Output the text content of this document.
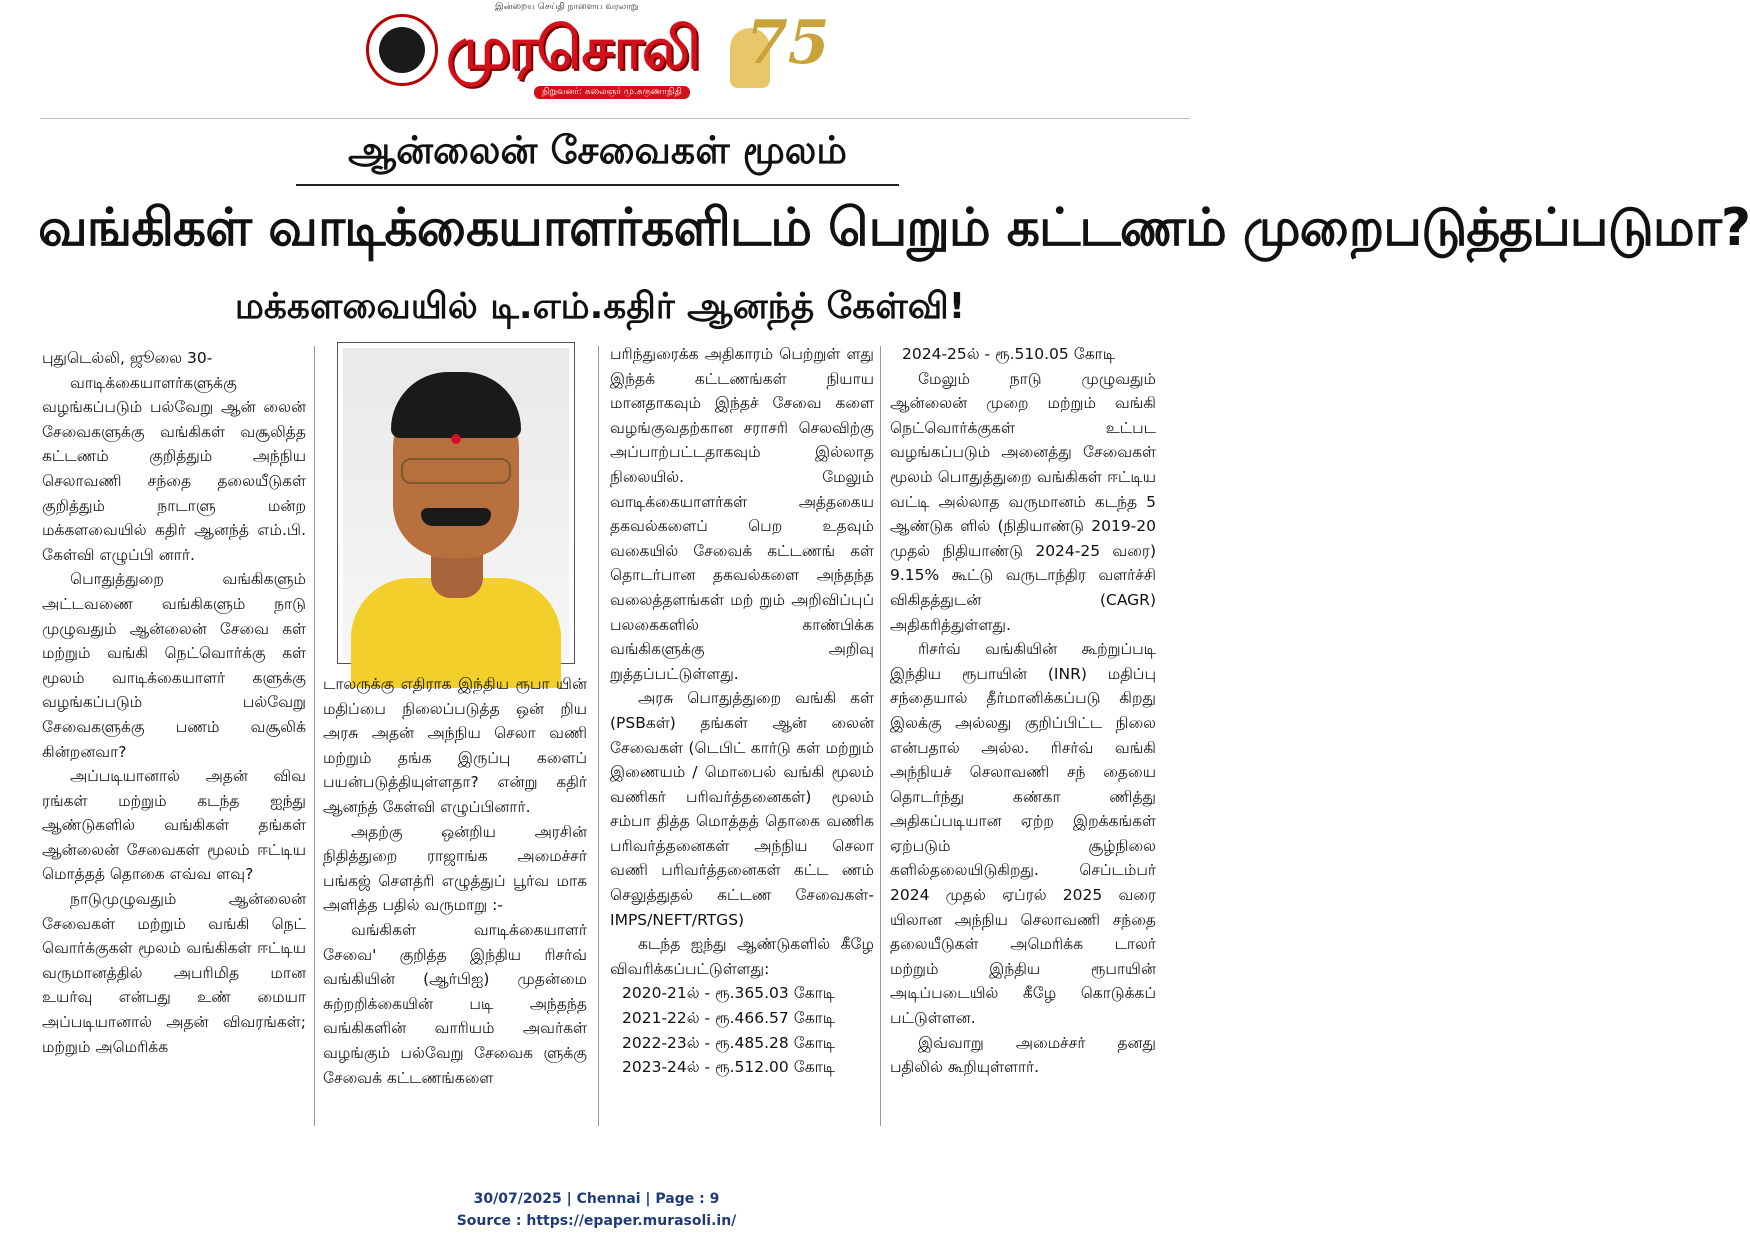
இன்றைய செய்தி நாளைய வரலாறு
முரசொலி
நிறுவனர்: கலைஞர் மு.கருணாநிதி
75
ஆன்லைன் சேவைகள் மூலம்
வங்கிகள் வாடிக்கையாளர்களிடம் பெறும் கட்டணம் முறைபடுத்தப்படுமா?
மக்களவையில் டி.எம்.கதிர் ஆனந்த் கேள்வி!

புதுடெல்லி, ஜூலை 30-

வாடிக்கையாளர்களுக்கு வழங்கப்படும் பல்வேறு ஆன் லைன் சேவைகளுக்கு வங்கிகள் வசூலித்த கட்டணம் குறித்தும் அந்நிய செலாவணி சந்தை தலையீடுகள் குறித்தும் நாடாளு மன்ற மக்களவையில் கதிர் ஆனந்த் எம்.பி. கேள்வி எழுப்பி னார்.

பொதுத்துறை வங்கிகளும் அட்டவணை வங்கிகளும் நாடு முழுவதும் ஆன்லைன் சேவை கள் மற்றும் வங்கி நெட்வொர்க்கு கள் மூலம் வாடிக்கையாளர் களுக்கு வழங்கப்படும் பல்வேறு சேவைகளுக்கு பணம் வசூலிக் கின்றனவா?

அப்படியானால் அதன் விவ ரங்கள் மற்றும் கடந்த ஐந்து ஆண்டுகளில் வங்கிகள் தங்கள் ஆன்லைன் சேவைகள் மூலம் ஈட்டிய மொத்தத் தொகை எவ்வ ளவு?

நாடுமுழுவதும் ஆன்லைன் சேவைகள் மற்றும் வங்கி நெட் வொர்க்குகள் மூலம் வங்கிகள் ஈட்டிய வருமானத்தில் அபரிமித மான உயர்வு என்பது உண் மையா அப்படியானால் அதன் விவரங்கள்; மற்றும் அமெரிக்க

டாலருக்கு எதிராக இந்திய ரூபா யின் மதிப்பை நிலைப்படுத்த ஒன் றிய அரசு அதன் அந்நிய செலா வணி மற்றும் தங்க இருப்பு களைப் பயன்படுத்தியுள்ளதா? என்று கதிர் ஆனந்த் கேள்வி எழுப்பினார்.

அதற்கு ஒன்றிய அரசின் நிதித்துறை ராஜாங்க அமைச்சர் பங்கஜ் சௌத்ரி எழுத்துப் பூர்வ மாக அளித்த பதில் வருமாறு :-

வங்கிகள் வாடிக்கையாளர் சேவை' குறித்த இந்திய ரிசர்வ் வங்கியின் (ஆர்பிஐ) முதன்மை சுற்றறிக்கையின் படி அந்தந்த வங்கிகளின் வாரியம் அவர்கள் வழங்கும் பல்வேறு சேவைக ளுக்கு சேவைக் கட்டணங்களை

பரிந்துரைக்க அதிகாரம் பெற்றுள் ளது இந்தக் கட்டணங்கள் நியாய மானதாகவும் இந்தச் சேவை களை வழங்குவதற்கான சராசரி செலவிற்கு அப்பாற்பட்டதாகவும் இல்லாத நிலையில். மேலும் வாடிக்கையாளர்கள் அத்தகைய தகவல்களைப் பெற உதவும் வகையில் சேவைக் கட்டணங் கள் தொடர்பான தகவல்களை அந்தந்த வலைத்தளங்கள் மற் றும் அறிவிப்புப் பலகைகளில் காண்பிக்க வங்கிகளுக்கு அறிவு றுத்தப்பட்டுள்ளது.

அரசு பொதுத்துறை வங்கி கள் (PSBகள்) தங்கள் ஆன் லைன் சேவைகள் (டெபிட் கார்டு கள் மற்றும் இணையம் / மொபைல் வங்கி மூலம் வணிகர் பரிவர்த்தனைகள்) மூலம் சம்பா தித்த மொத்தத் தொகை வணிக பரிவர்த்தனைகள் அந்நிய செலா வணி பரிவர்த்தனைகள் கட்ட ணம் செலுத்துதல் கட்டண சேவைகள்-IMPS/NEFT/RTGS)

கடந்த ஐந்து ஆண்டுகளில் கீழே விவரிக்கப்பட்டுள்ளது:

2020-21ல் - ரூ.365.03 கோடி
2021-22ல் - ரூ.466.57 கோடி
2022-23ல் - ரூ.485.28 கோடி
2023-24ல் - ரூ.512.00 கோடி
2024-25ல் - ரூ.510.05 கோடி

மேலும் நாடு முழுவதும் ஆன்லைன் முறை மற்றும் வங்கி நெட்வொர்க்குகள் உட்பட வழங்கப்படும் அனைத்து சேவைகள் மூலம் பொதுத்துறை வங்கிகள் ஈட்டிய வட்டி அல்லாத வருமானம் கடந்த 5 ஆண்டுக ளில் (நிதியாண்டு 2019-20 முதல் நிதியாண்டு 2024-25 வரை) 9.15% கூட்டு வருடாந்திர வளர்ச்சி விகிதத்துடன் (CAGR) அதிகரித்துள்ளது.

ரிசர்வ் வங்கியின் கூற்றுப்படி இந்திய ரூபாயின் (INR) மதிப்பு சந்தையால் தீர்மானிக்கப்படு கிறது இலக்கு அல்லது குறிப்பிட்ட நிலை என்பதால் அல்ல. ரிசர்வ் வங்கி அந்நியச் செலாவணி சந் தையை தொடர்ந்து கண்கா ணித்து அதிகப்படியான ஏற்ற இறக்கங்கள் ஏற்படும் சூழ்நிலை களில்தலையிடுகிறது. செப்டம்பர் 2024 முதல் ஏப்ரல் 2025 வரை யிலான அந்நிய செலாவணி சந்தை தலையீடுகள் அமெரிக்க டாலர் மற்றும் இந்திய ரூபாயின் அடிப்படையில் கீழே கொடுக்கப் பட்டுள்ளன.

இவ்வாறு அமைச்சர் தனது பதிலில் கூறியுள்ளார்.

30/07/2025 | Chennai | Page : 9
Source : https://epaper.murasoli.in/
